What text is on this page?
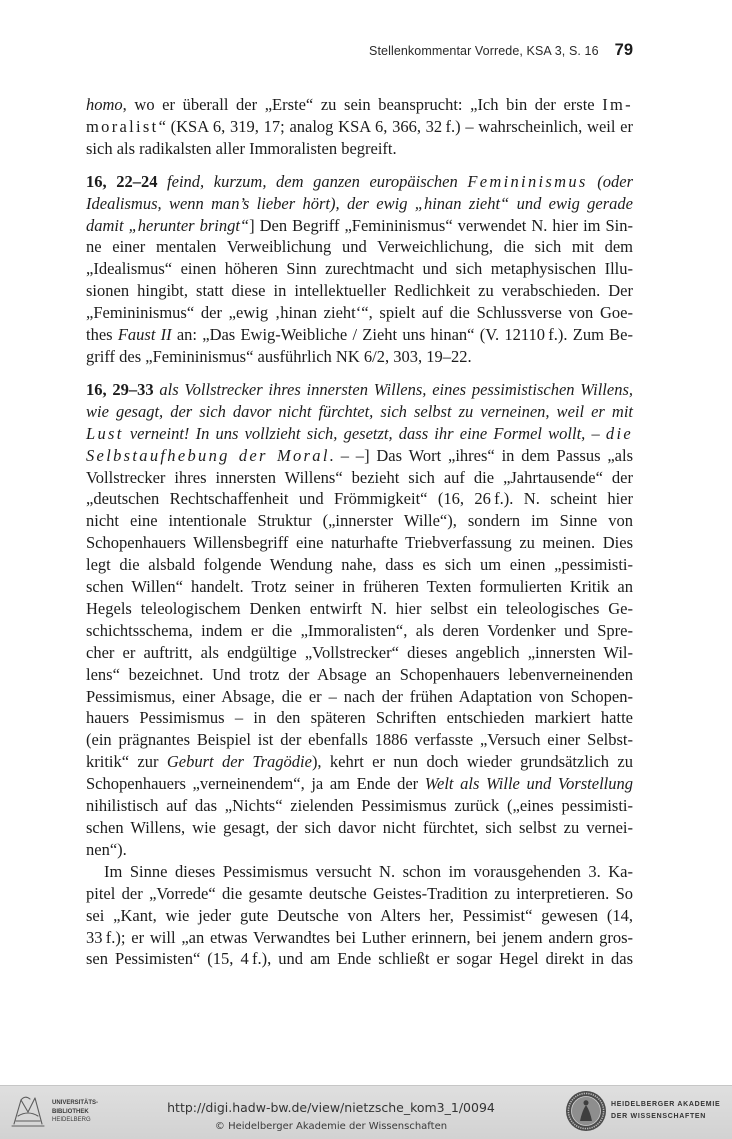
Stellenkommentar Vorrede, KSA 3, S. 16 79
homo, wo er überall der „Erste“ zu sein beansprucht: „Ich bin der erste Im-
moralist“ (KSA 6, 319, 17; analog KSA 6, 366, 32 f.) – wahrscheinlich, weil er
sich als radikalsten aller Immoralisten begreift.
16, 22–24 feind, kurzum, dem ganzen europäischen Femininismus (oder
Idealismus, wenn man’s lieber hört), der ewig „hinan zieht“ und ewig gerade
damit „herunter bringt“] Den Begriff „Femininismus“ verwendet N. hier im Sin-
ne einer mentalen Verweiblichung und Verweichlichung, die sich mit dem
„Idealismus“ einen höheren Sinn zurechtmacht und sich metaphysischen Illu-
sionen hingibt, statt diese in intellektueller Redlichkeit zu verabschieden. Der
„Femininismus“ der „ewig ‚hinan zieht‘“, spielt auf die Schlussverse von Goe-
thes Faust II an: „Das Ewig-Weibliche / Zieht uns hinan“ (V. 12110 f.). Zum Be-
griff des „Femininismus“ ausführlich NK 6/2, 303, 19–22.
16, 29–33 als Vollstrecker ihres innersten Willens, eines pessimistischen Willens,
wie gesagt, der sich davor nicht fürchtet, sich selbst zu verneinen, weil er mit
Lust verneint! In uns vollzieht sich, gesetzt, dass ihr eine Formel wollt, – die
Selbstaufhebung der Moral. – –] Das Wort „ihres“ in dem Passus „als
Vollstrecker ihres innersten Willens“ bezieht sich auf die „Jahrtausende“ der
„deutschen Rechtschaffenheit und Frömmigkeit“ (16, 26 f.). N. scheint hier
nicht eine intentionale Struktur („innerster Wille“), sondern im Sinne von
Schopenhauers Willensbegriff eine naturhafte Triebverfassung zu meinen. Dies
legt die alsbald folgende Wendung nahe, dass es sich um einen „pessimisti-
schen Willen“ handelt. Trotz seiner in früheren Texten formulierten Kritik an
Hegels teleologischem Denken entwirft N. hier selbst ein teleologisches Ge-
schichtsschema, indem er die „Immoralisten“, als deren Vordenker und Spre-
cher er auftritt, als endgültige „Vollstrecker“ dieses angeblich „innersten Wil-
lens“ bezeichnet. Und trotz der Absage an Schopenhauers lebenverneinenden
Pessimismus, einer Absage, die er – nach der frühen Adaptation von Schopen-
hauers Pessimismus – in den späteren Schriften entschieden markiert hatte
(ein prägnantes Beispiel ist der ebenfalls 1886 verfasste „Versuch einer Selbst-
kritik“ zur Geburt der Tragödie), kehrt er nun doch wieder grundsätzlich zu
Schopenhauers „verneinendem“, ja am Ende der Welt als Wille und Vorstellung
nihilistisch auf das „Nichts“ zielenden Pessimismus zurück („eines pessimisti-
schen Willens, wie gesagt, der sich davor nicht fürchtet, sich selbst zu vernei-
nen“).
Im Sinne dieses Pessimismus versucht N. schon im vorausgehenden 3. Ka-
pitel der „Vorrede“ die gesamte deutsche Geistes-Tradition zu interpretieren. So
sei „Kant, wie jeder gute Deutsche von Alters her, Pessimist“ gewesen (14,
33 f.); er will „an etwas Verwandtes bei Luther erinnern, bei jenem andern gros-
sen Pessimisten“ (15, 4 f.), und am Ende schließt er sogar Hegel direkt in das
UNIVERSITÄTS-
BIBLIOTHEK
HEIDELBERG
http://digi.hadw-bw.de/view/nietzsche_kom3_1/0094
© Heidelberger Akademie der Wissenschaften
HEIDELBERGER AKADEMIE
DER WISSENSCHAFTEN
